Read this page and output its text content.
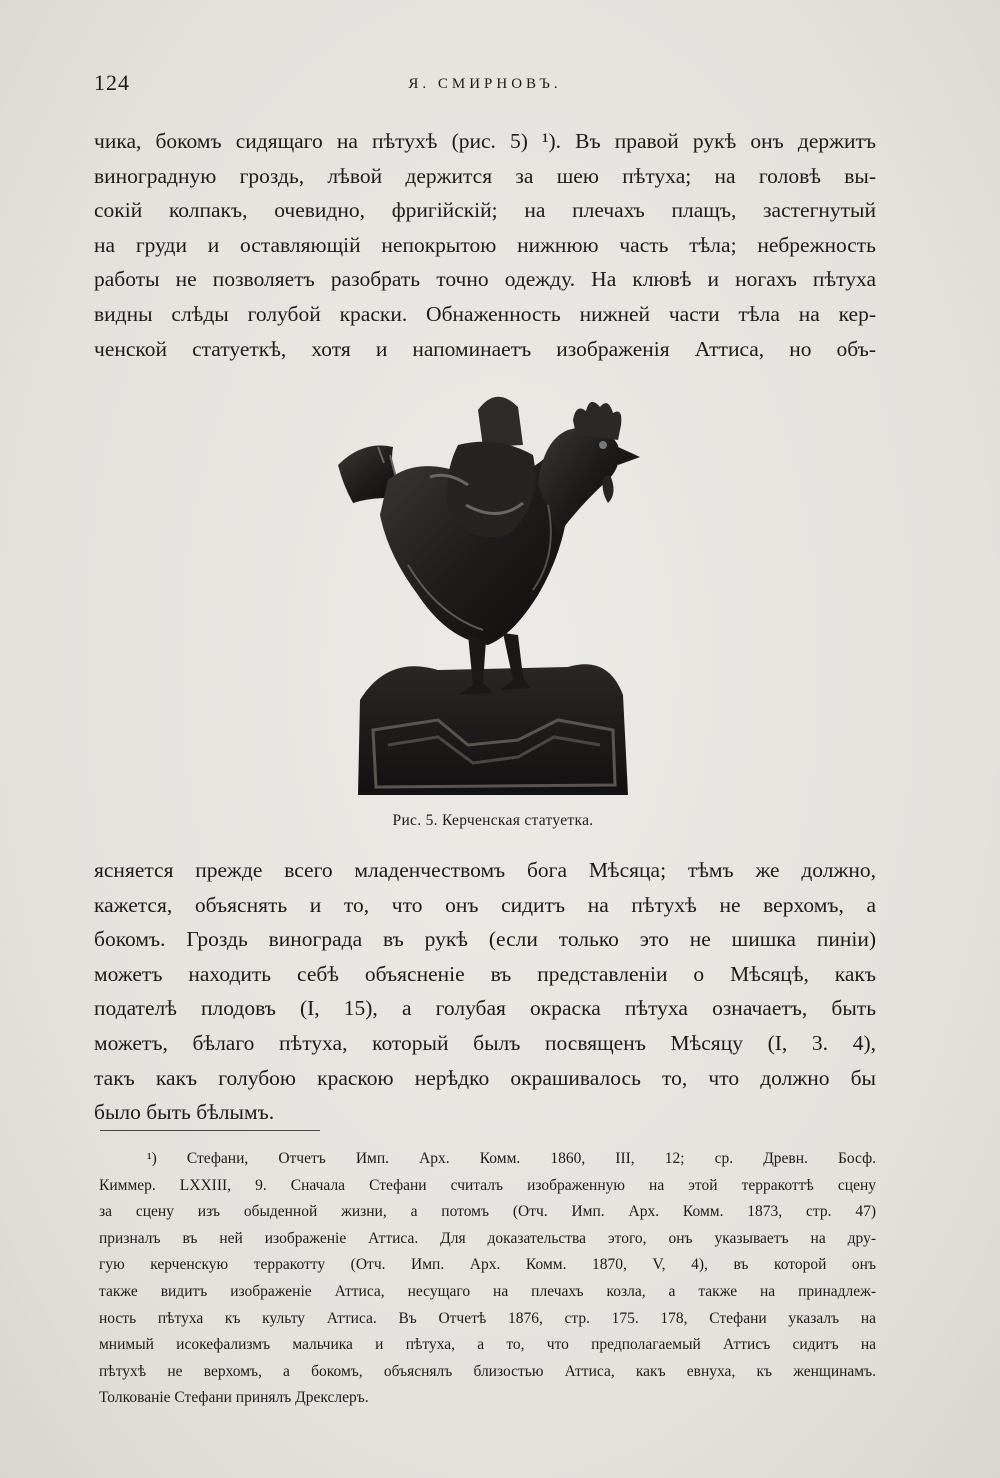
124	Я. СМИРНОВЪ.

чика, бокомъ сидящаго на пѣтухѣ (рис. 5) ¹). Въ правой рукѣ онъ держитъ
виноградную гроздь, лѣвой держится за шею пѣтуха; на головѣ вы-
сокій колпакъ, очевидно, фригійскій; на плечахъ плащъ, застегнутый
на груди и оставляющій непокрытою нижнюю часть тѣла; небрежность
работы не позволяетъ разобрать точно одежду. На клювѣ и ногахъ пѣтуха
видны слѣды голубой краски. Обнаженность нижней части тѣла на кер-
ченской статуеткѣ, хотя и напоминаетъ изображенія Аттиса, но объ-

Рис. 5. Керченская статуетка.

ясняется прежде всего младенчествомъ бога Мѣсяца; тѣмъ же должно,
кажется, объяснять и то, что онъ сидитъ на пѣтухѣ не верхомъ, а
бокомъ. Гроздь винограда въ рукѣ (если только это не шишка пиніи)
можетъ находить себѣ объясненіе въ представленіи о Мѣсяцѣ, какъ
подателѣ плодовъ (I, 15), а голубая окраска пѣтуха означаетъ, быть
можетъ, бѣлаго пѣтуха, который былъ посвященъ Мѣсяцу (I, 3. 4),
такъ какъ голубою краскою нерѣдко окрашивалось то, что должно бы
было быть бѣлымъ.

¹) Стефани, Отчетъ Имп. Арх. Комм. 1860, III, 12; ср. Древн. Босф.
Киммер. LXXIII, 9. Сначала Стефани считалъ изображенную на этой терракоттѣ сцену
за сцену изъ обыденной жизни, а потомъ (Отч. Имп. Арх. Комм. 1873, стр. 47)
призналъ въ ней изображеніе Аттиса. Для доказательства этого, онъ указываетъ на дру-
гую керченскую терракотту (Отч. Имп. Арх. Комм. 1870, V, 4), въ которой онъ
также видитъ изображеніе Аттиса, несущаго на плечахъ козла, а также на принадлеж-
ность пѣтуха къ культу Аттиса. Въ Отчетѣ 1876, стр. 175. 178, Стефани указалъ на
мнимый исокефализмъ мальчика и пѣтуха, а то, что предполагаемый Аттисъ сидитъ на
пѣтухѣ не верхомъ, а бокомъ, объяснялъ близостью Аттиса, какъ евнуха, къ женщинамъ.
Толкованіе Стефани принялъ Дрекслеръ.
